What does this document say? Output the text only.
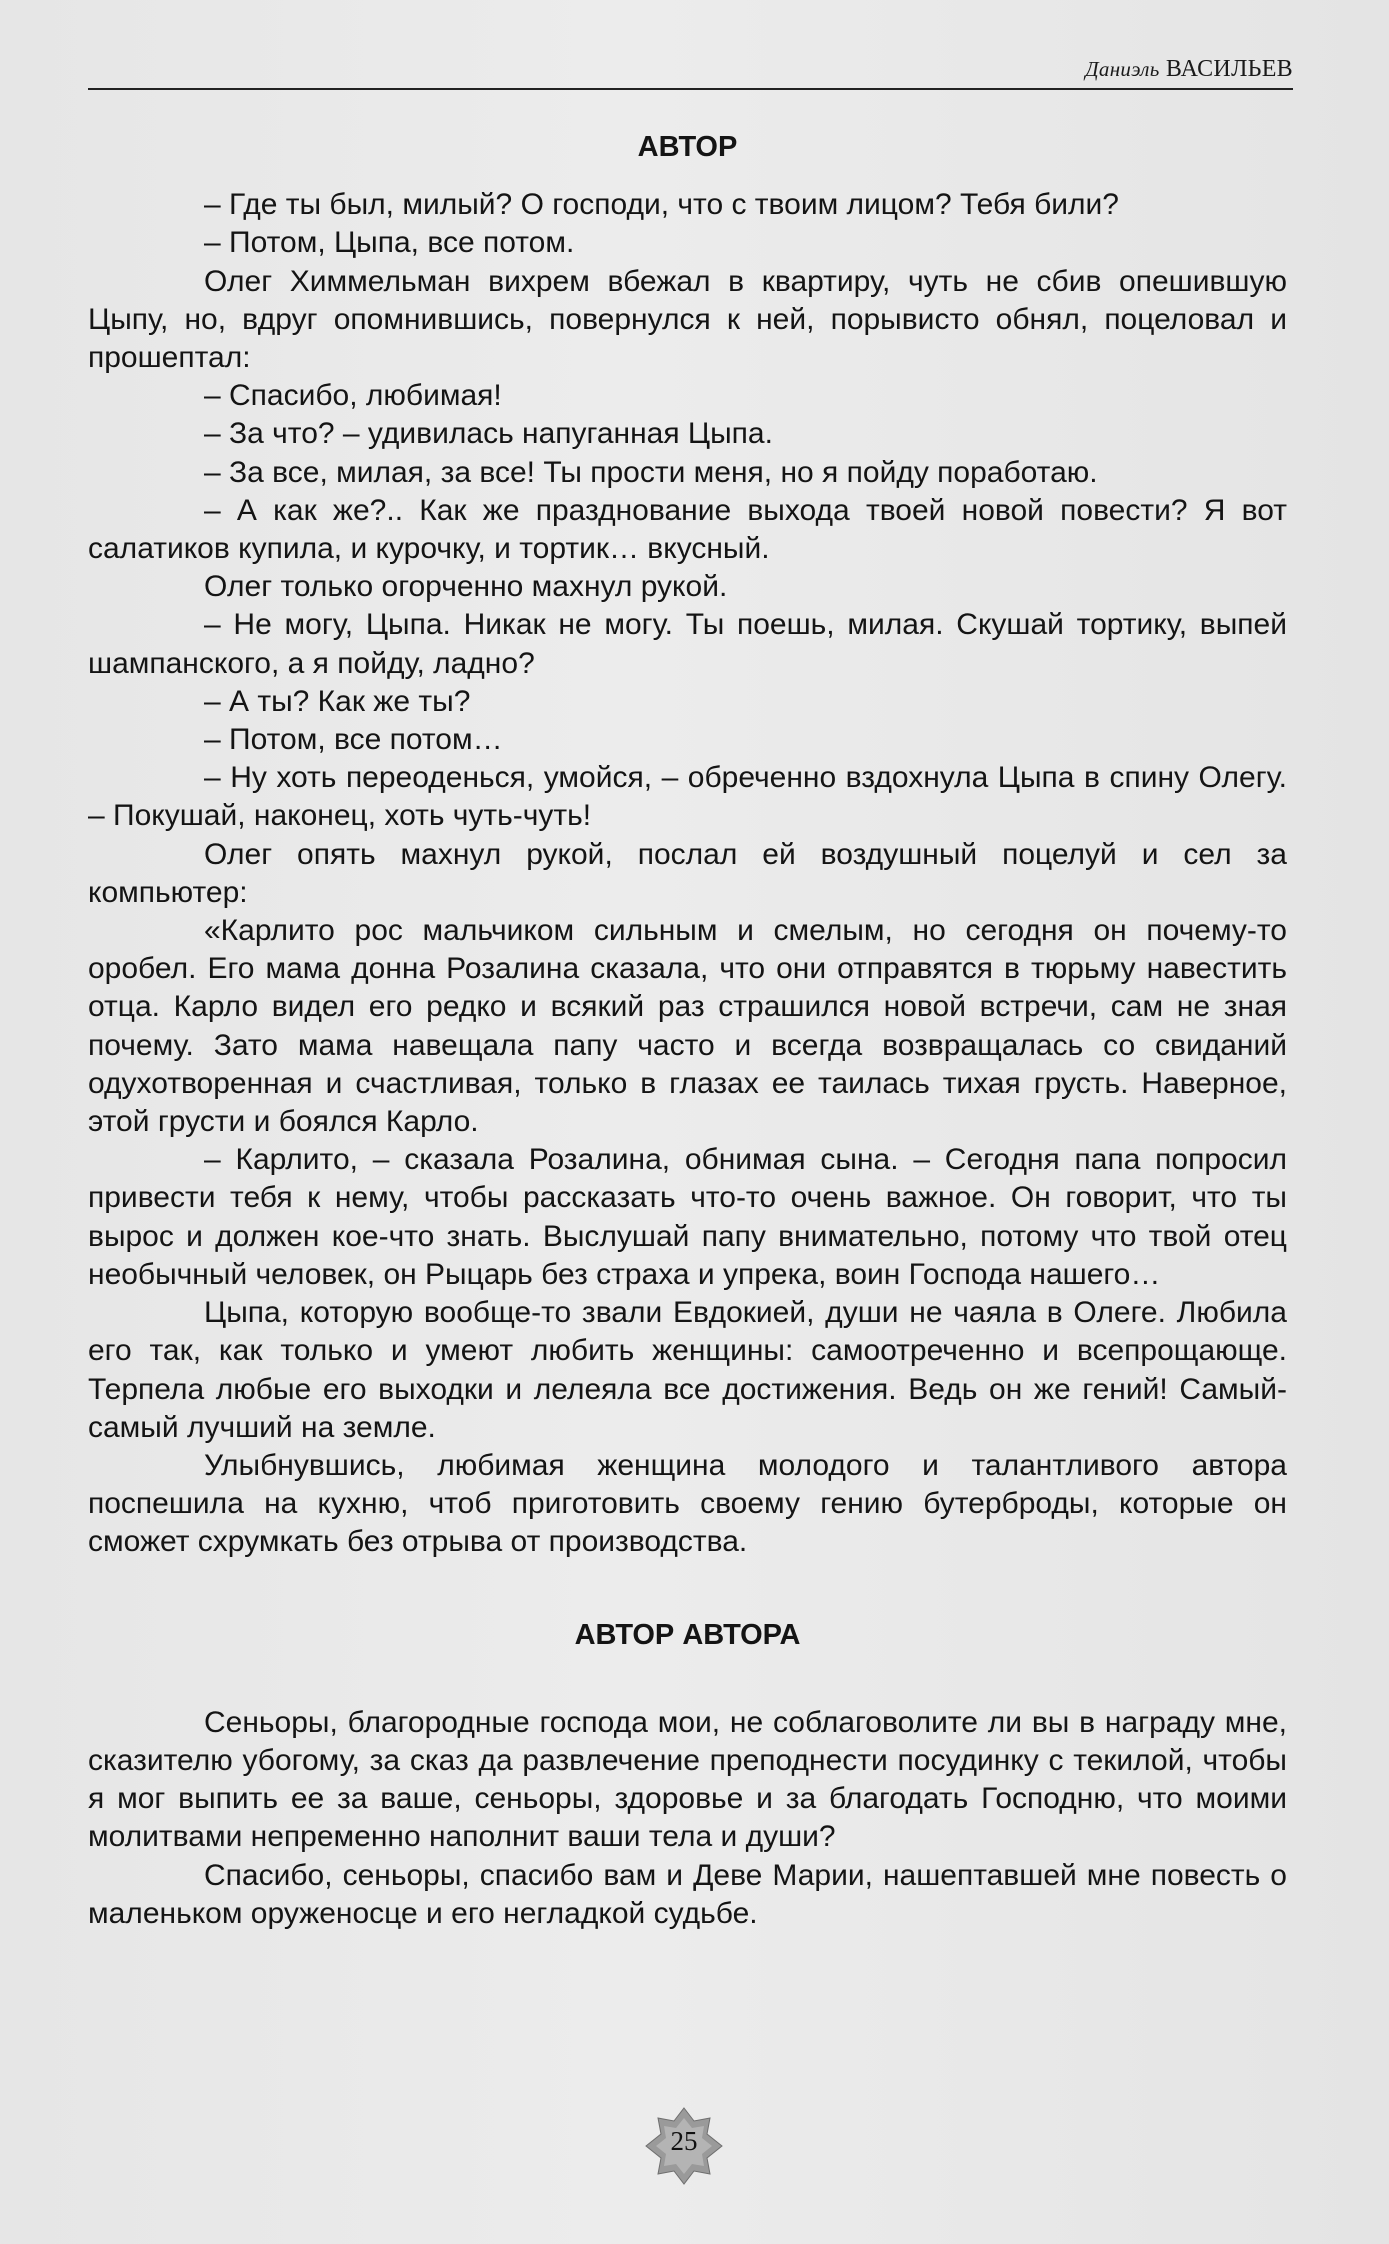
Даниэль ВАСИЛЬЕВ
АВТОР

– Где ты был, милый? О господи, что с твоим лицом? Тебя били?

– Потом, Цыпа, все потом.

Олег Химмельман вихрем вбежал в квартиру, чуть не сбив опешившую Цыпу, но, вдруг опомнившись, повернулся к ней, порывисто обнял, поцеловал и прошептал:

– Спасибо, любимая!

– За что? – удивилась напуганная Цыпа.

– За все, милая, за все! Ты прости меня, но я пойду поработаю.

– А как же?.. Как же празднование выхода твоей новой повести? Я вот салатиков купила, и курочку, и тортик… вкусный.

Олег только огорченно махнул рукой.

– Не могу, Цыпа. Никак не могу. Ты поешь, милая. Скушай тортику, выпей шампанского, а я пойду, ладно?

– А ты? Как же ты?

– Потом, все потом…

– Ну хоть переоденься, умойся, – обреченно вздохнула Цыпа в спину Олегу. – Покушай, наконец, хоть чуть-чуть!

Олег опять махнул рукой, послал ей воздушный поцелуй и сел за компьютер:

«Карлито рос мальчиком сильным и смелым, но сегодня он почему-то оробел. Его мама донна Розалина сказала, что они отправятся в тюрьму навестить отца. Карло видел его редко и всякий раз страшился новой встречи, сам не зная почему. Зато мама навещала папу часто и всегда возвращалась со свиданий одухотворенная и счастливая, только в глазах ее таилась тихая грусть. Наверное, этой грусти и боялся Карло.

– Карлито, – сказала Розалина, обнимая сына. – Сегодня папа попросил привести тебя к нему, чтобы рассказать что-то очень важное. Он говорит, что ты вырос и должен кое-что знать. Выслушай папу внимательно, потому что твой отец необычный человек, он Рыцарь без страха и упрека, воин Господа нашего…

Цыпа, которую вообще-то звали Евдокией, души не чаяла в Олеге. Любила его так, как только и умеют любить женщины: самоотреченно и всепрощающе. Терпела любые его выходки и лелеяла все достижения. Ведь он же гений! Самый-самый лучший на земле.

Улыбнувшись, любимая женщина молодого и талантливого автора поспешила на кухню, чтоб приготовить своему гению бутерброды, которые он сможет схрумкать без отрыва от производства.

АВТОР АВТОРА

Сеньоры, благородные господа мои, не соблаговолите ли вы в награду мне, сказителю убогому, за сказ да развлечение преподнести посудинку с текилой, чтобы я мог выпить ее за ваше, сеньоры, здоровье и за благодать Господню, что моими молитвами непременно наполнит ваши тела и души?

Спасибо, сеньоры, спасибо вам и Деве Марии, нашептавшей мне повесть о маленьком оруженосце и его негладкой судьбе.

25
